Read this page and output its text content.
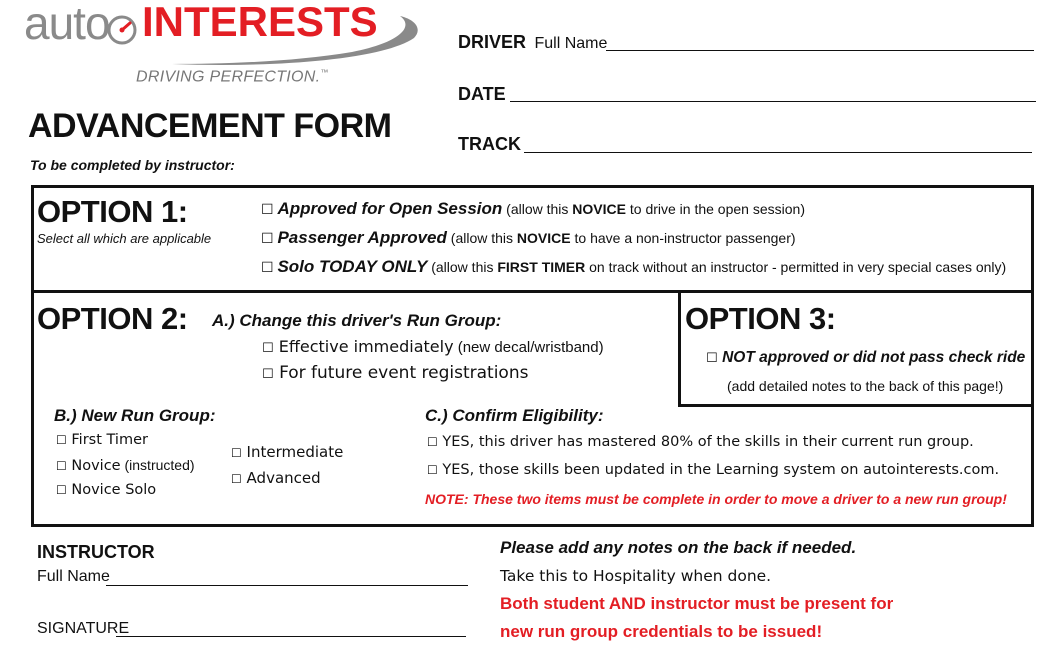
auto INTERESTS
DRIVING PERFECTION.™
ADVANCEMENT FORM
To be completed by instructor:
DRIVER Full Name
DATE
TRACK
OPTION 1:
Select all which are applicable
☐ Approved for Open Session (allow this NOVICE to drive in the open session)
☐ Passenger Approved (allow this NOVICE to have a non-instructor passenger)
☐ Solo TODAY ONLY (allow this FIRST TIMER on track without an instructor - permitted in very special cases only)
OPTION 2: A.) Change this driver's Run Group:
☐ Effective immediately (new decal/wristband)
☐ For future event registrations
B.) New Run Group:
☐ First Timer
☐ Novice (instructed)
☐ Novice Solo
☐ Intermediate
☐ Advanced
C.) Confirm Eligibility:
☐ YES, this driver has mastered 80% of the skills in their current run group.
☐ YES, those skills been updated in the Learning system on autointerests.com.
NOTE: These two items must be complete in order to move a driver to a new run group!
OPTION 3:
☐ NOT approved or did not pass check ride
(add detailed notes to the back of this page!)
INSTRUCTOR
Full Name
SIGNATURE
Please add any notes on the back if needed.
Take this to Hospitality when done.
Both student AND instructor must be present for
new run group credentials to be issued!
